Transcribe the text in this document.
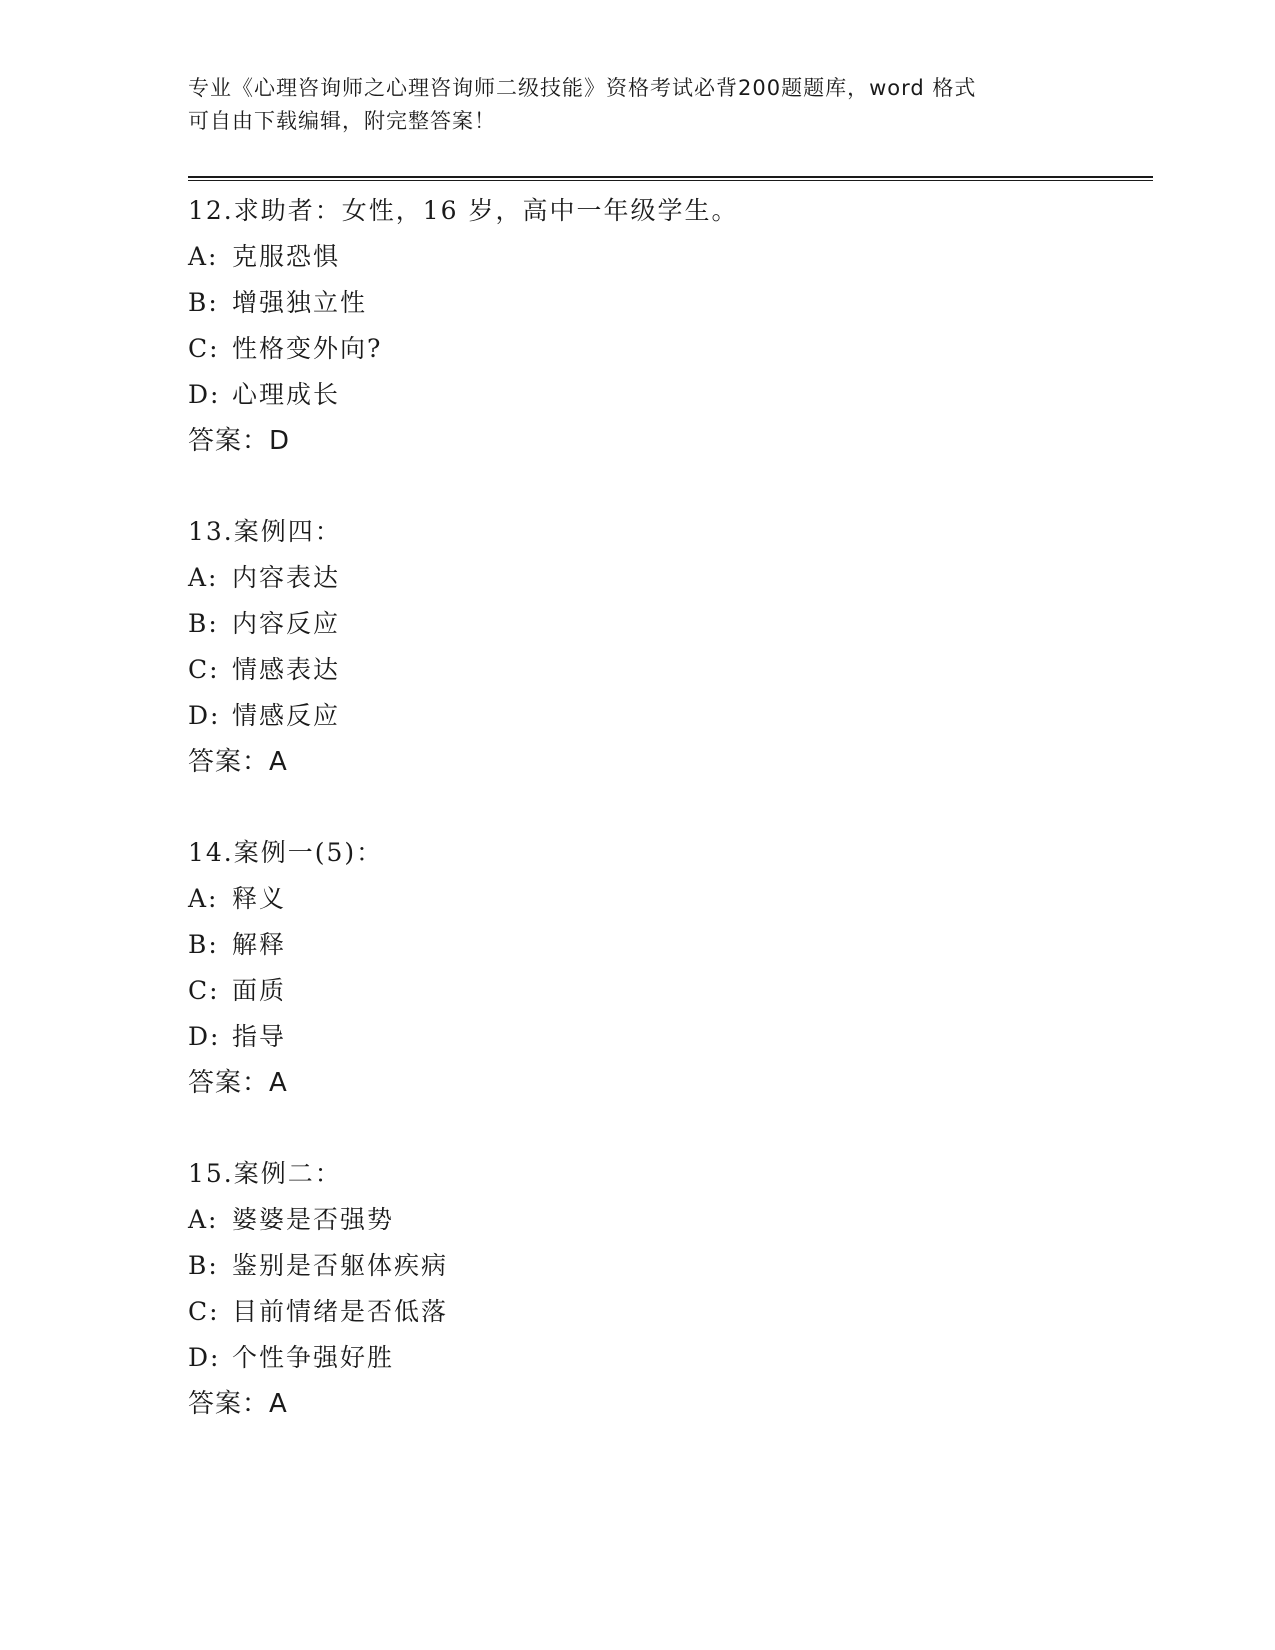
专业《心理咨询师之心理咨询师二级技能》资格考试必背200题题库，word 格式
可自由下载编辑，附完整答案！
12.求助者：女性，16 岁，高中一年级学生。
A: 克服恐惧
B: 增强独立性
C: 性格变外向?
D: 心理成长
答案：D
13.案例四：
A: 内容表达
B: 内容反应
C: 情感表达
D: 情感反应
答案：A
14.案例一(5)：
A: 释义
B: 解释
C: 面质
D: 指导
答案：A
15.案例二：
A: 婆婆是否强势
B: 鉴别是否躯体疾病
C: 目前情绪是否低落
D: 个性争强好胜
答案：A
